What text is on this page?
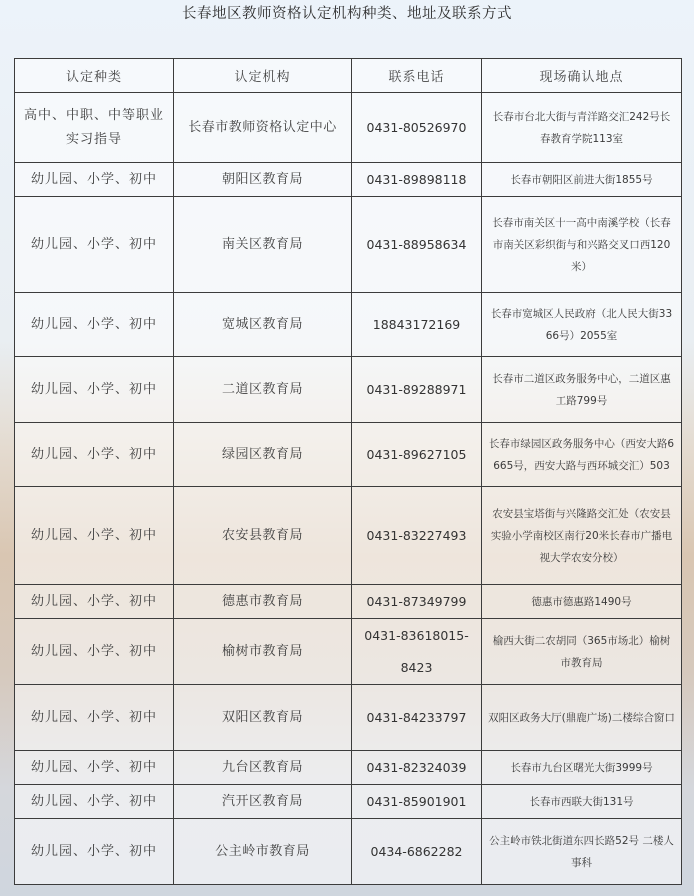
长春地区教师资格认定机构种类、地址及联系方式
认定种类	认定机构	联系电话	现场确认地点
高中、中职、中等职业实习指导	长春市教师资格认定中心	0431-80526970	长春市台北大街与青洋路交汇242号长春教育学院113室
幼儿园、小学、初中	朝阳区教育局	0431-89898118	长春市朝阳区前进大街1855号
幼儿园、小学、初中	南关区教育局	0431-88958634	长春市南关区十一高中南溪学校（长春市南关区彩织街与和兴路交叉口西120米）
幼儿园、小学、初中	宽城区教育局	18843172169	长春市宽城区人民政府（北人民大街3366号）2055室
幼儿园、小学、初中	二道区教育局	0431-89288971	长春市二道区政务服务中心，二道区惠工路799号
幼儿园、小学、初中	绿园区教育局	0431-89627105	长春市绿园区政务服务中心（西安大路6665号，西安大路与西环城交汇）503
幼儿园、小学、初中	农安县教育局	0431-83227493	农安县宝塔街与兴隆路交汇处（农安县实验小学南校区南行20米长春市广播电视大学农安分校）
幼儿园、小学、初中	德惠市教育局	0431-87349799	德惠市德惠路1490号
幼儿园、小学、初中	榆树市教育局	0431-83618015-8423	榆西大街二农胡同（365市场北）榆树市教育局
幼儿园、小学、初中	双阳区教育局	0431-84233797	双阳区政务大厅(鼎鹿广场)二楼综合窗口
幼儿园、小学、初中	九台区教育局	0431-82324039	长春市九台区曙光大街3999号
幼儿园、小学、初中	汽开区教育局	0431-85901901	长春市西联大街131号
幼儿园、小学、初中	公主岭市教育局	0434-6862282	公主岭市铁北街道东四长路52号 二楼人事科
